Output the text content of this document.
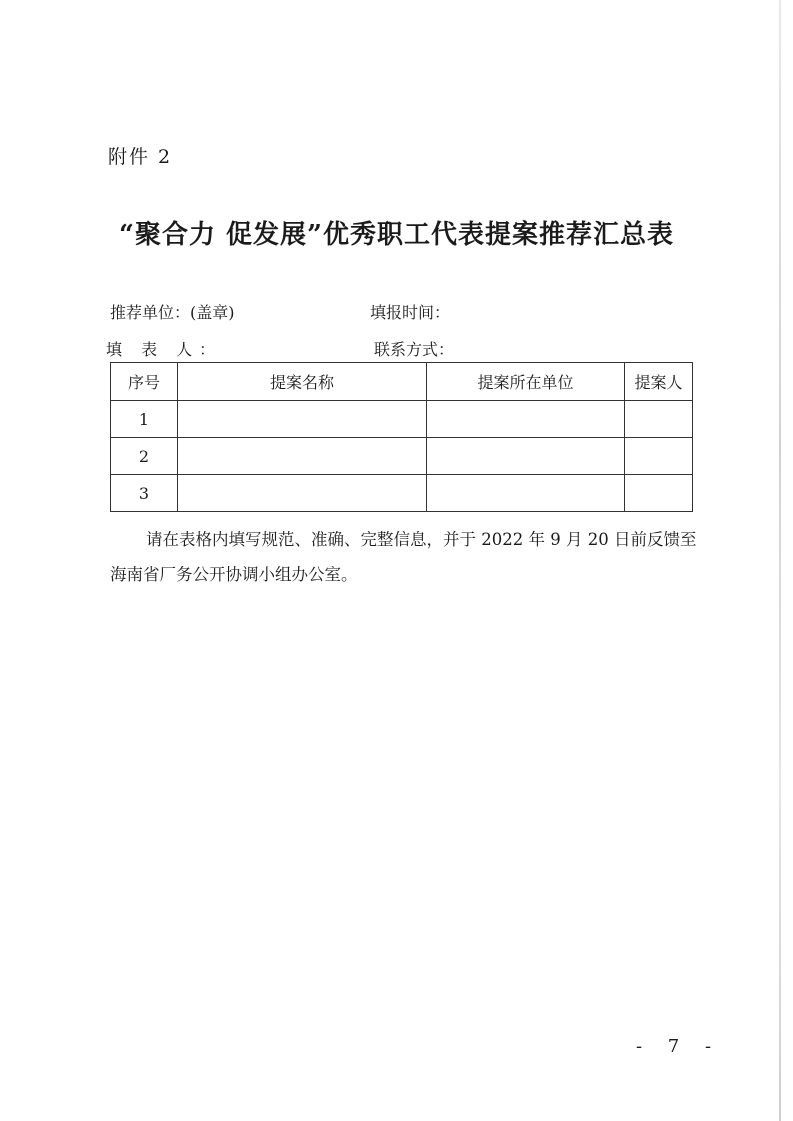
附件 2
“聚合力 促发展”优秀职工代表提案推荐汇总表
推荐单位：(盖章)	填报时间：
填 表 人：	联系方式：
序号	提案名称	提案所在单位	提案人
1			
2			
3			
请在表格内填写规范、准确、完整信息，并于 2022 年 9 月 20 日前反馈至海南省厂务公开协调小组办公室。
- 7 -
